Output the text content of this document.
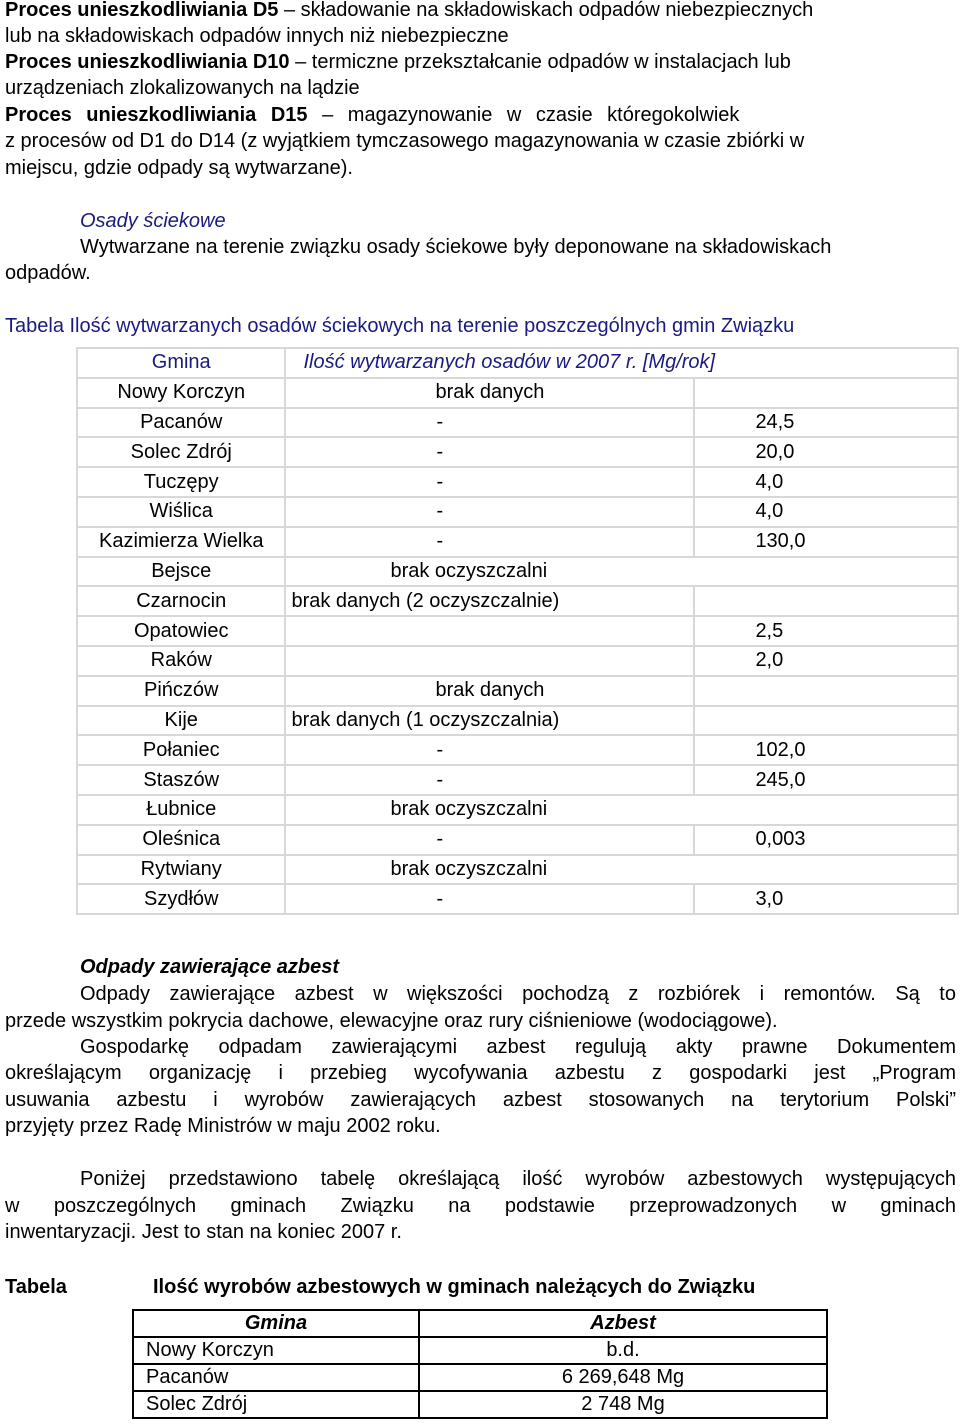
Proces unieszkodliwiania D5 – składowanie na składowiskach odpadów niebezpiecznych
lub na składowiskach odpadów innych niż niebezpieczne
Proces unieszkodliwiania D10 – termiczne przekształcanie odpadów w instalacjach lub
urządzeniach zlokalizowanych na lądzie
Proces unieszkodliwiania D15 – magazynowanie w czasie któregokolwiek
z procesów od D1 do D14 (z wyjątkiem tymczasowego magazynowania w czasie zbiórki w
miejscu, gdzie odpady są wytwarzane).
Osady ściekowe
Wytwarzane na terenie związku osady ściekowe były deponowane na składowiskach
odpadów.
Tabela Ilość wytwarzanych osadów ściekowych na terenie poszczególnych gmin Związku
Gmina	Ilość wytwarzanych osadów w 2007 r. [Mg/rok]	
Nowy Korczyn	brak danych	
Pacanów	-	24,5
Solec Zdrój	-	20,0
Tuczępy	-	4,0
Wiślica	-	4,0
Kazimierza Wielka	-	130,0
Bejsce	brak oczyszczalni	
Czarnocin	brak danych (2 oczyszczalnie)	
Opatowiec		2,5
Raków		2,0
Pińczów	brak danych	
Kije	brak danych (1 oczyszczalnia)	
Połaniec	-	102,0
Staszów	-	245,0
Łubnice	brak oczyszczalni	
Oleśnica	-	0,003
Rytwiany	brak oczyszczalni	
Szydłów	-	3,0
Odpady zawierające azbest
Odpady zawierające azbest w większości pochodzą z rozbiórek i remontów. Są to
przede wszystkim pokrycia dachowe, elewacyjne oraz rury ciśnieniowe (wodociągowe).
Gospodarkę odpadam zawierającymi azbest regulują akty prawne Dokumentem
określającym organizację i przebieg wycofywania azbestu z gospodarki jest „Program
usuwania azbestu i wyrobów zawierających azbest stosowanych na terytorium Polski”
przyjęty przez Radę Ministrów w maju 2002 roku.
Poniżej przedstawiono tabelę określającą ilość wyrobów azbestowych występujących
w poszczególnych gminach Związku na podstawie przeprowadzonych w gminach
inwentaryzacji. Jest to stan na koniec 2007 r.
Tabela	Ilość wyrobów azbestowych w gminach należących do Związku
Gmina	Azbest
Nowy Korczyn	b.d.
Pacanów	6 269,648 Mg
Solec Zdrój	2 748 Mg
